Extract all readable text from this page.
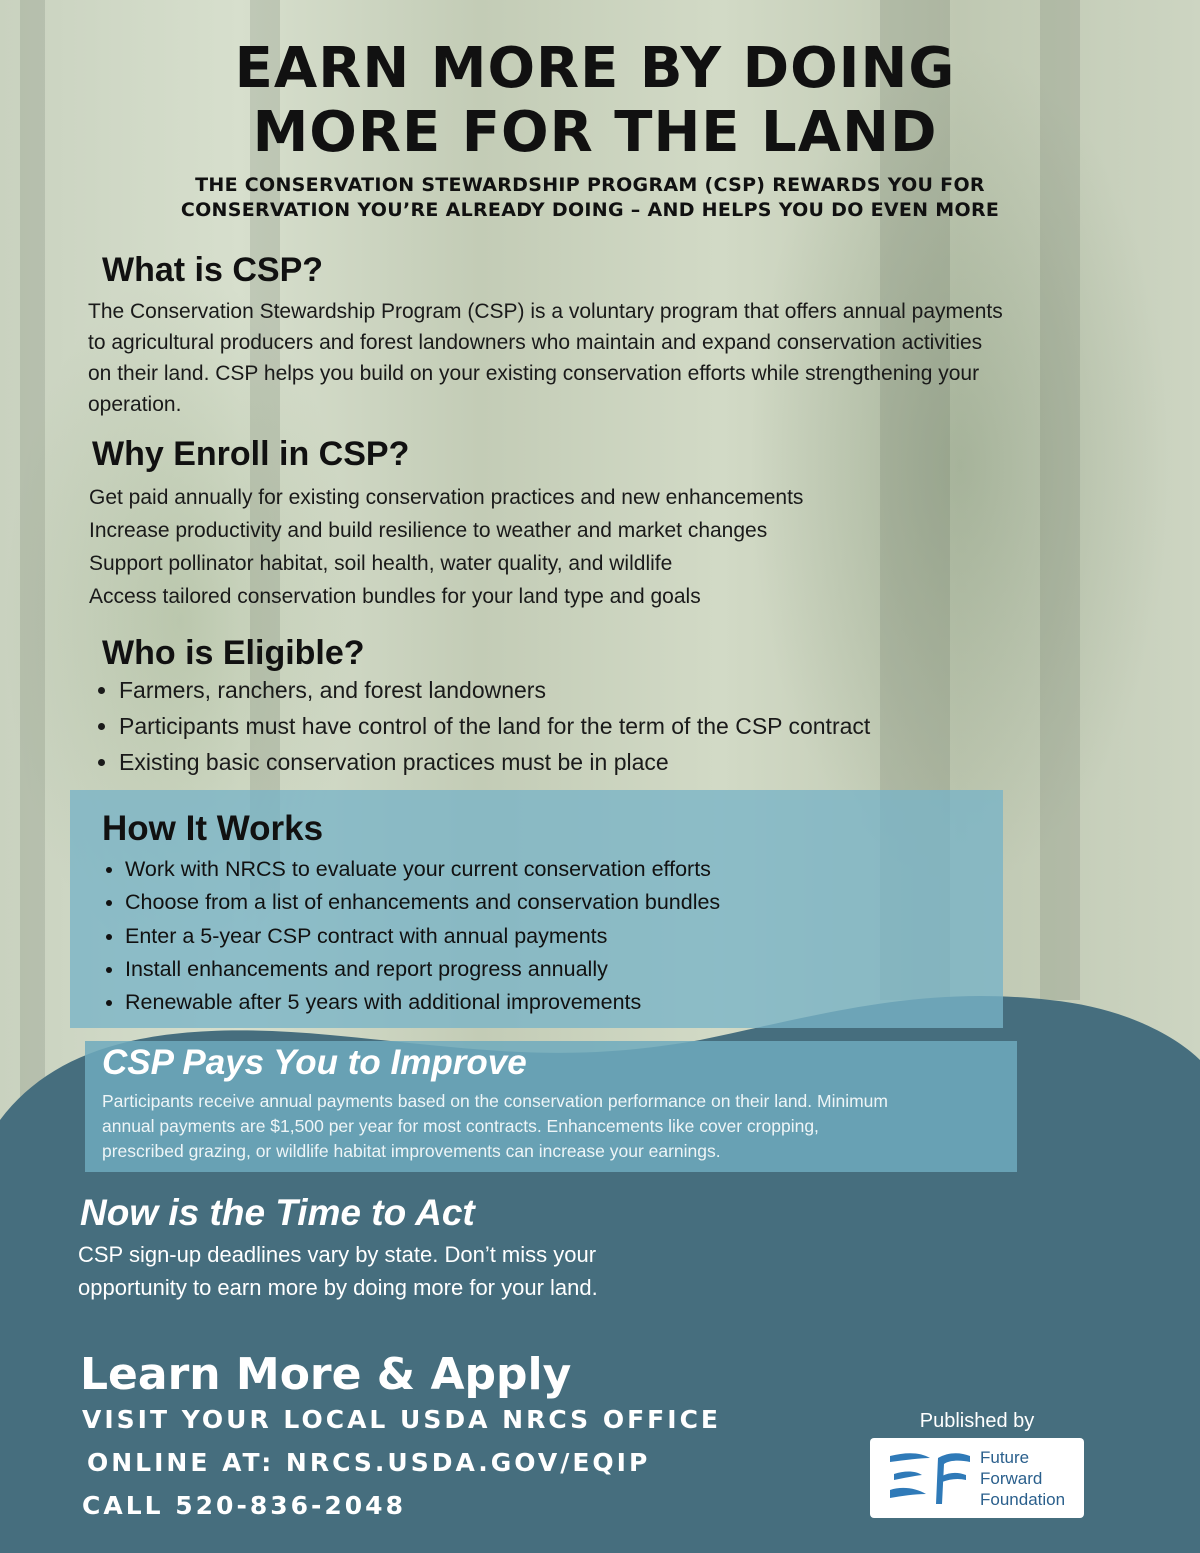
EARN MORE BY DOING
MORE FOR THE LAND
THE CONSERVATION STEWARDSHIP PROGRAM (CSP) REWARDS YOU FOR
CONSERVATION YOU’RE ALREADY DOING – AND HELPS YOU DO EVEN MORE
What is CSP?
The Conservation Stewardship Program (CSP) is a voluntary program that offers annual payments
to agricultural producers and forest landowners who maintain and expand conservation activities
on their land. CSP helps you build on your existing conservation efforts while strengthening your
operation.
Why Enroll in CSP?
Get paid annually for existing conservation practices and new enhancements
Increase productivity and build resilience to weather and market changes
Support pollinator habitat, soil health, water quality, and wildlife
Access tailored conservation bundles for your land type and goals
Who is Eligible?
• Farmers, ranchers, and forest landowners
• Participants must have control of the land for the term of the CSP contract
• Existing basic conservation practices must be in place
How It Works
• Work with NRCS to evaluate your current conservation efforts
• Choose from a list of enhancements and conservation bundles
• Enter a 5-year CSP contract with annual payments
• Install enhancements and report progress annually
• Renewable after 5 years with additional improvements
CSP Pays You to Improve
Participants receive annual payments based on the conservation performance on their land. Minimum
annual payments are $1,500 per year for most contracts. Enhancements like cover cropping,
prescribed grazing, or wildlife habitat improvements can increase your earnings.
Now is the Time to Act
CSP sign-up deadlines vary by state. Don’t miss your
opportunity to earn more by doing more for your land.
Learn More & Apply
VISIT YOUR LOCAL USDA NRCS OFFICE
ONLINE AT: NRCS.USDA.GOV/EQIP
CALL 520-836-2048
Published by
Future
Forward
Foundation
